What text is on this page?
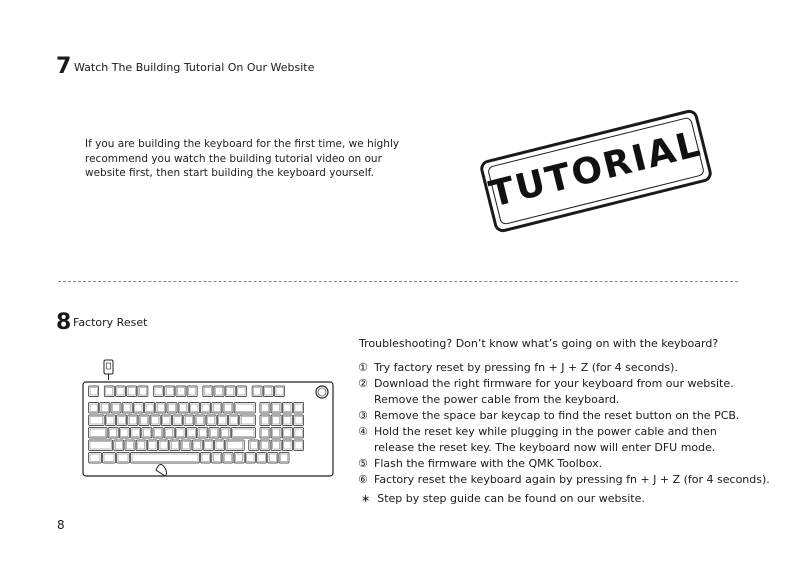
7 Watch The Building Tutorial On Our Website
If you are building the keyboard for the first time, we highly
recommend you watch the building tutorial video on our
website first, then start building the keyboard yourself.	TUTORIAL
8 Factory Reset
Troubleshooting? Don’t know what’s going on with the keyboard?
① Try factory reset by pressing fn + J + Z (for 4 seconds).
② Download the right firmware for your keyboard from our website.
Remove the power cable from the keyboard.
③ Remove the space bar keycap to find the reset button on the PCB.
④ Hold the reset key while plugging in the power cable and then
release the reset key. The keyboard now will enter DFU mode.
⑤ Flash the firmware with the QMK Toolbox.
⑥ Factory reset the keyboard again by pressing fn + J + Z (for 4 seconds).
∗ Step by step guide can be found on our website.
8
